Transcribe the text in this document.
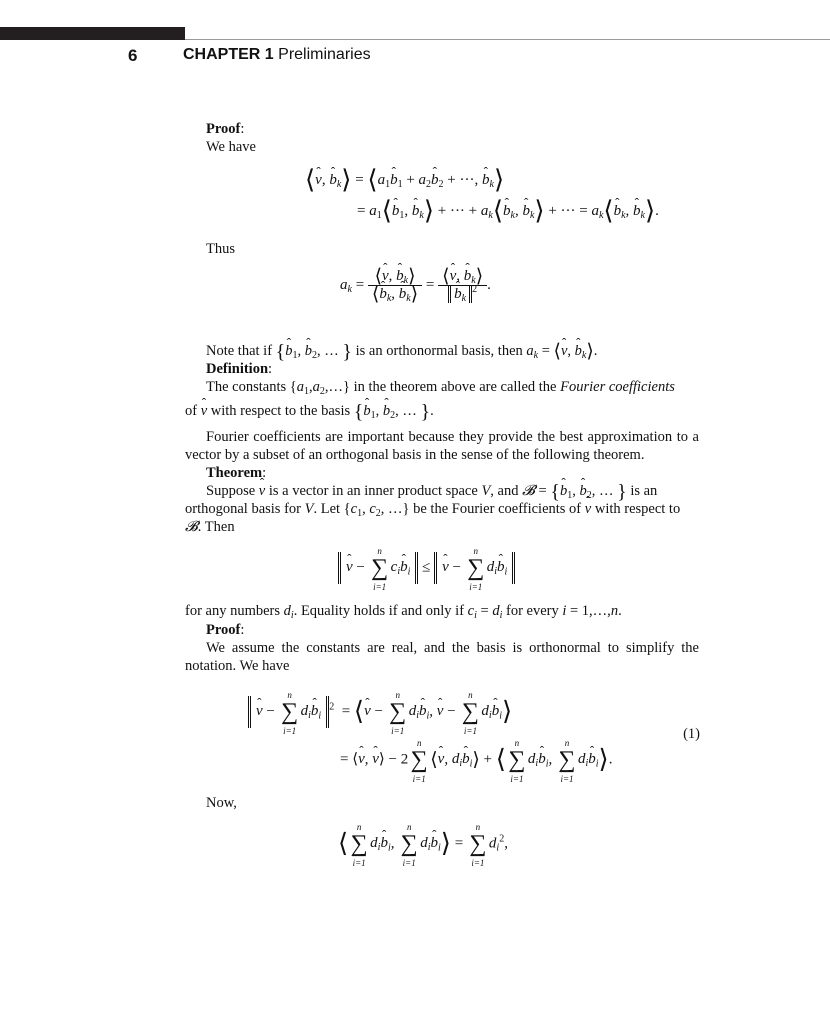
6	CHAPTER 1 Preliminaries
Proof:
We have
⟨ˆ v, ˆ $b_k⟩$ = $⟨a_1ˆ$ $b_1$ + $a_2ˆ$ $b_2$ + ···, ˆ $b_k⟩$
= $a_1⟨ˆ$ $b_1$, ˆ $b_k⟩$ + ··· + $a_k⟨ˆ$ $b_k$, ˆ $b_k⟩$ + ··· = $a_k⟨ˆ$ $b_k$, ˆ $b_k⟩$.
Thus
$a_k = \frac{⟨ˆ v, ˆ b_k⟩}{⟨ˆ b_k, ˆ b_k⟩}$ = ⟨ˆ v, ˆ $b_k⟩$
ˆ $b_k^2$ .
Note that if {ˆ $b_1$, ˆ $b_2$, … } is an orthonormal basis, then $a_k$ = ⟨ˆ v, ˆ $b_k⟩$.
Definition:
The constants $\{a_1,a_2,\dots\}$ in the theorem above are called the Fourier coefficients
of ˆ v with respect to the basis {ˆ $b_1$, ˆ $b_2$, … }.
Fourier coefficients are important because they provide the best approximation to a vector by a subset of an orthogonal basis in the sense of the following theorem.
Theorem:
Suppose ˆ v is a vector in an inner product space V, and 𝓑 = {ˆ $b_1$, ˆ $b_2$, … } is an
orthogonal basis for V. Let {$c_1$, $c_2$, …} be the Fourier coefficients of ˆ v with respect to
𝓑. Then
ˆ v −
n
∑
i=1
$c_iˆ$ $b_i$ ≤ ˆ v −
n
∑
i=1
$d_iˆ$ $b_i$
for any numbers $d_i$. Equality holds if and only if $c_i = d_i$ for every i = 1,…,n.
Proof:
We assume the constants are real, and the basis is orthonormal to simplify the notation. We have
ˆ v −
n
∑
i=1
$d_iˆ$ $b_i^2$  = ⟨ˆ v −
n
∑
i=1
$d_iˆ$ $b_i$, ˆ v −
n
∑
i=1
$d_iˆ$ $b_i⟩$
= ⟨ˆ v, ˆ v⟩ − 2
n
∑
i=1
⟨ˆ v, $d_iˆ$ $b_i⟩$ + ⟨
n
∑
i=1
$d_iˆ$ $b_i$,
n
∑
i=1
$d_iˆ$ $b_i⟩$.
(1)
Now,
⟨
n
∑
i=1
$d_iˆ$ $b_i$,
n
∑
i=1
$d_iˆ$ $b_i⟩$ =
n
∑
i=1
$d_i^2$,
